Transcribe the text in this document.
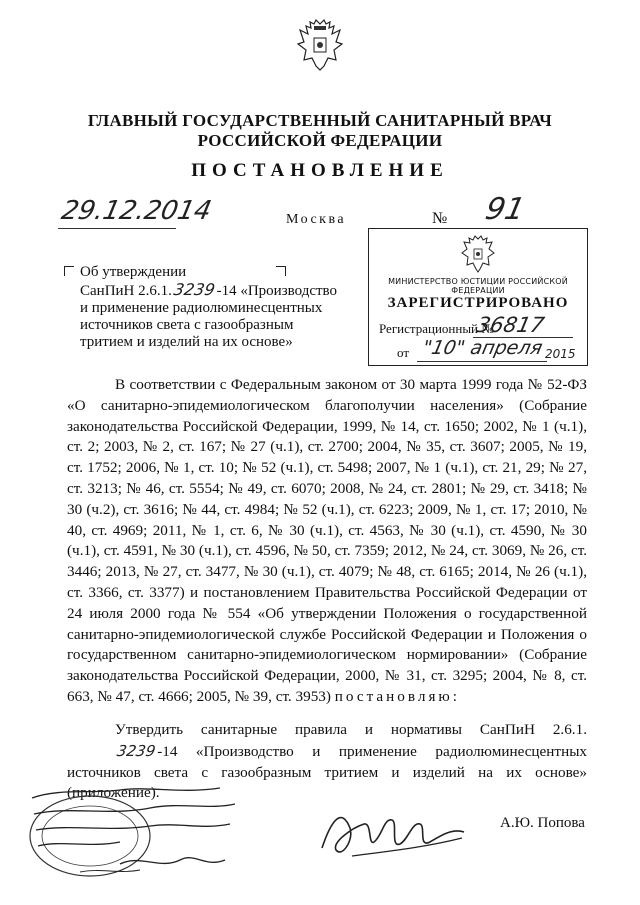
ГЛАВНЫЙ ГОСУДАРСТВЕННЫЙ САНИТАРНЫЙ ВРАЧ
РОССИЙСКОЙ ФЕДЕРАЦИИ
ПОСТАНОВЛЕНИЕ
29.12.2014	Москва	№ 91
Об утверждении
СанПиН 2.6.1.3239-14 «Производство
и применение радиолюминесцентных
источников света с газообразным
тритием и изделий на их основе»
МИНИСТЕРСТВО ЮСТИЦИИ РОССИЙСКОЙ ФЕДЕРАЦИИ
ЗАРЕГИСТРИРОВАНО
Регистрационный №
36817
от "10" апреля 2015

В соответствии с Федеральным законом от 30 марта 1999 года № 52-ФЗ «О санитарно-эпидемиологическом благополучии населения» (Собрание законодательства Российской Федерации, 1999, № 14, ст. 1650; 2002, № 1 (ч.1), ст. 2; 2003, № 2, ст. 167; № 27 (ч.1), ст. 2700; 2004, № 35, ст. 3607; 2005, № 19, ст. 1752; 2006, № 1, ст. 10; № 52 (ч.1), ст. 5498; 2007, № 1 (ч.1), ст. 21, 29; № 27, ст. 3213; № 46, ст. 5554; № 49, ст. 6070; 2008, № 24, ст. 2801; № 29, ст. 3418; № 30 (ч.2), ст. 3616; № 44, ст. 4984; № 52 (ч.1), ст. 6223; 2009, № 1, ст. 17; 2010, № 40, ст. 4969; 2011, № 1, ст. 6, № 30 (ч.1), ст. 4563, № 30 (ч.1), ст. 4590, № 30 (ч.1), ст. 4591, № 30 (ч.1), ст. 4596, № 50, ст. 7359; 2012, № 24, ст. 3069, № 26, ст. 3446; 2013, № 27, ст. 3477, № 30 (ч.1), ст. 4079; № 48, ст. 6165; 2014, № 26 (ч.1), ст. 3366, ст. 3377) и постановлением Правительства Российской Федерации от 24 июля 2000 года № 554 «Об утверждении Положения о государственной санитарно-эпидемиологической службе Российской Федерации и Положения о государственном санитарно-эпидемиологическом нормировании» (Собрание законодательства Российской Федерации, 2000, № 31, ст. 3295; 2004, № 8, ст. 663, № 47, ст. 4666; 2005, № 39, ст. 3953) постановляю:

Утвердить санитарные правила и нормативы СанПиН 2.6.1.3239-14 «Производство и применение радиолюминесцентных источников света с газообразным тритием и изделий на их основе» (приложение).

А.Ю. Попова
